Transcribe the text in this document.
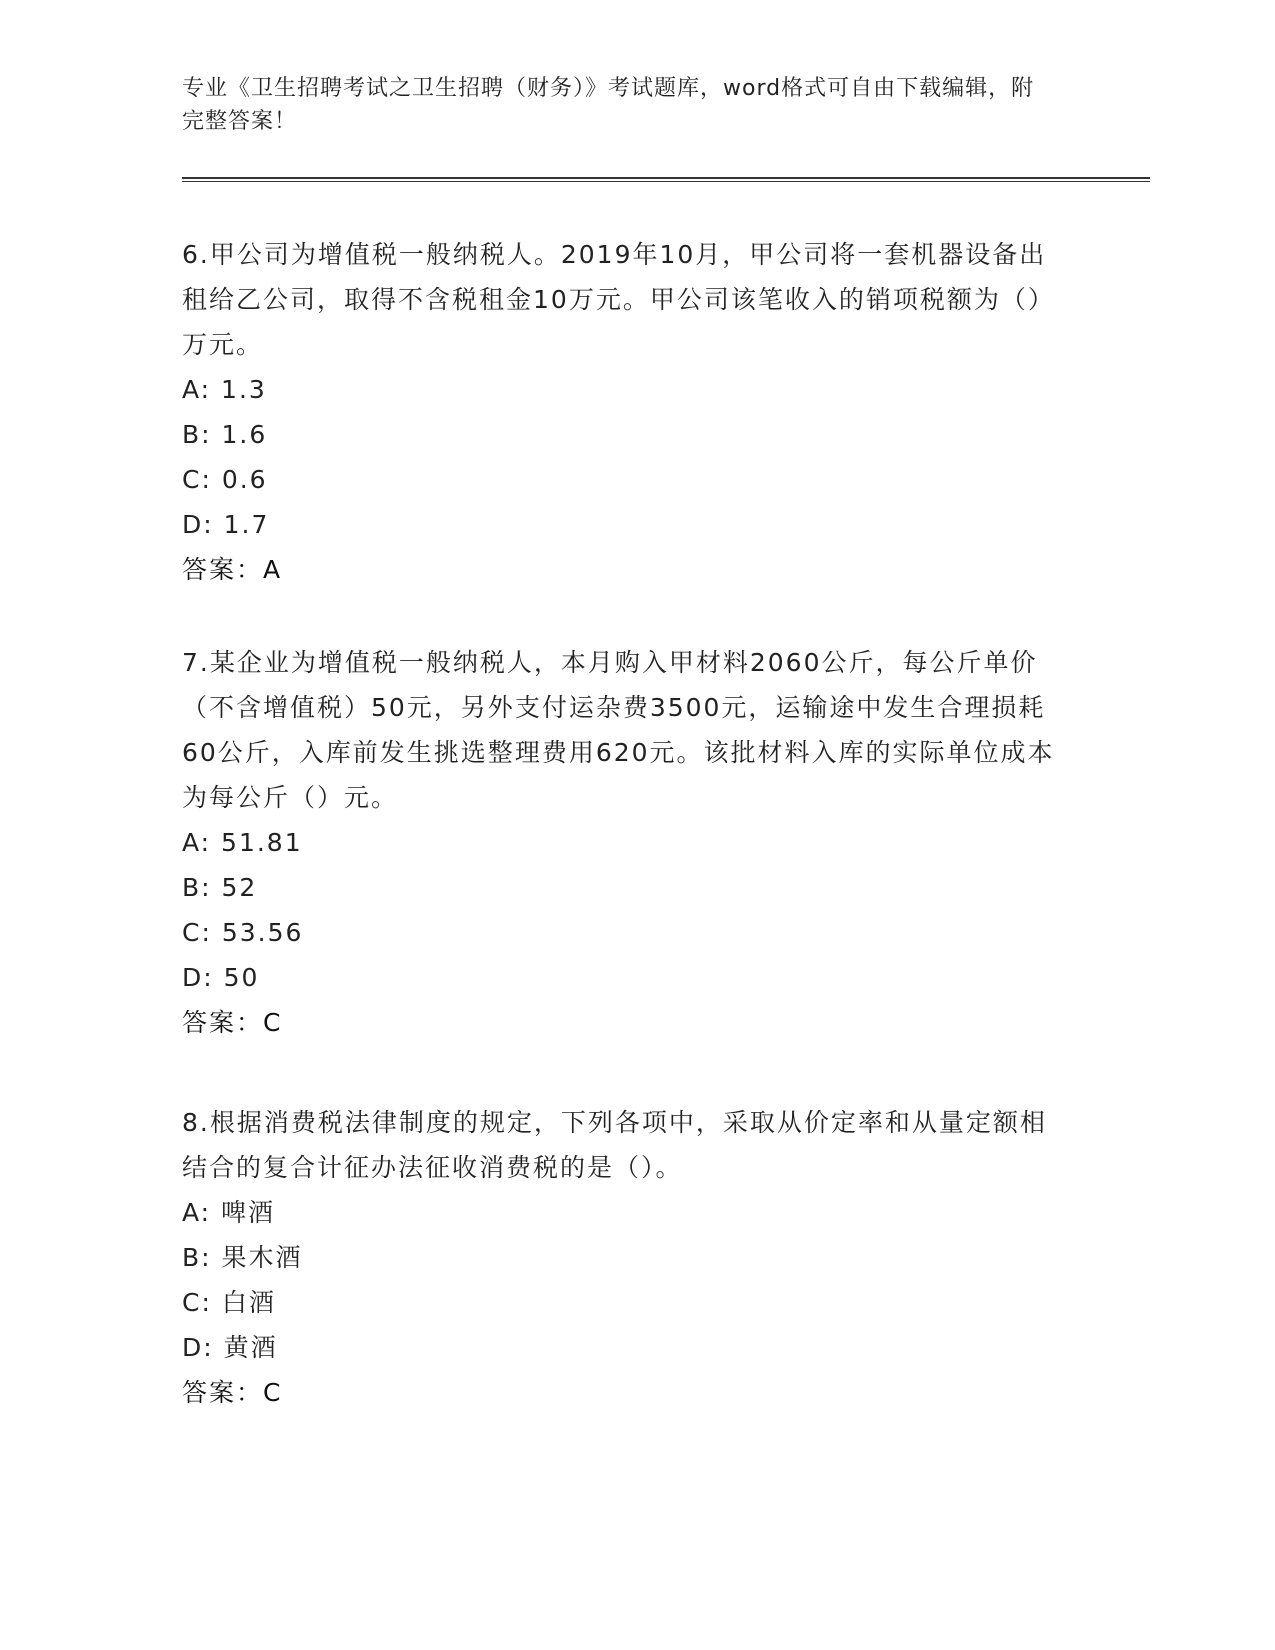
专业《卫生招聘考试之卫生招聘（财务）》考试题库，word格式可自由下载编辑，附完整答案！

6.甲公司为增值税一般纳税人。2019年10月，甲公司将一套机器设备出租给乙公司，取得不含税租金10万元。甲公司该笔收入的销项税额为（）万元。

A: 1.3

B: 1.6

C: 0.6

D: 1.7

答案：A

7.某企业为增值税一般纳税人，本月购入甲材料2060公斤，每公斤单价（不含增值税）50元，另外支付运杂费3500元，运输途中发生合理损耗60公斤，入库前发生挑选整理费用620元。该批材料入库的实际单位成本为每公斤（）元。

A: 51.81

B: 52

C: 53.56

D: 50

答案：C

8.根据消费税法律制度的规定，下列各项中，采取从价定率和从量定额相结合的复合计征办法征收消费税的是（）。

A: 啤酒

B: 果木酒

C: 白酒

D: 黄酒

答案：C
